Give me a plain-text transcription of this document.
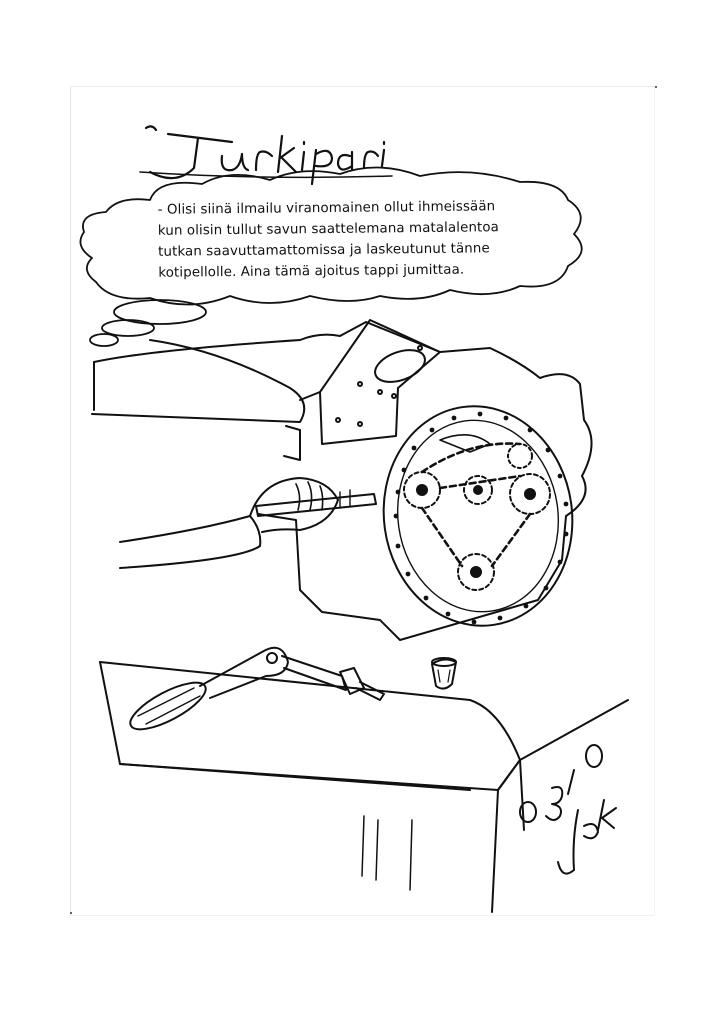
- Olisi siinä ilmailu viranomainen ollut ihmeissään
kun olisin tullut savun saattelemana matalalentoa
tutkan saavuttamattomissa ja laskeutunut tänne
kotipellolle. Aina tämä ajoitus tappi jumittaa.
